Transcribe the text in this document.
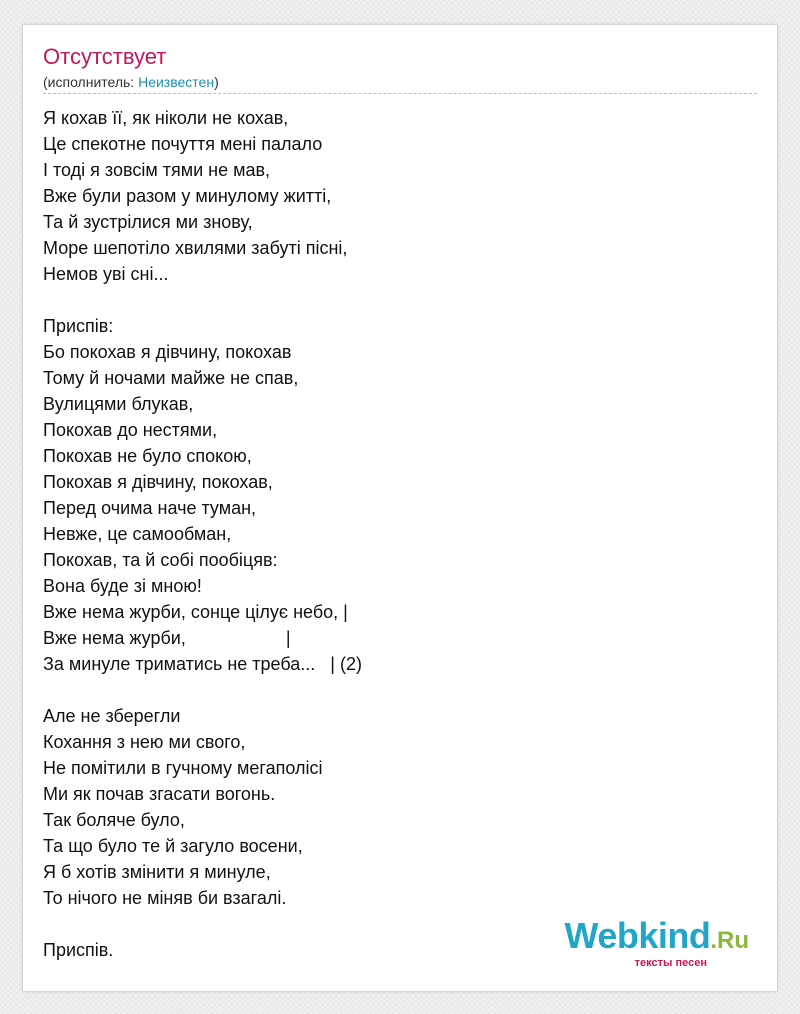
Отсутствует
(исполнитель: Неизвестен)
Я кохав її, як ніколи не кохав,
Це спекотне почуття мені палало
І тоді я зовсім тями не мав,
Вже були разом у минулому житті,
Та й зустрілися ми знову,
Море шепотіло хвилями забуті пісні,
Немов уві сні...
Приспів:
Бо покохав я дівчину, покохав
Тому й ночами майже не спав,
Вулицями блукав,
Покохав до нестями,
Покохав не було спокою,
Покохав я дівчину, покохав,
Перед очима наче туман,
Невже, це самообман,
Покохав, та й собі пообіцяв:
Вона буде зі мною!
Вже нема журби, сонце цілує небо, |
Вже нема журби,                    |
За минуле триматись не треба...   | (2)
Але не зберегли
Кохання з нею ми свого,
Не помітили в гучному мегаполісі
Ми як почав згасати вогонь.
Так боляче було,
Та що було те й загуло восени,
Я б хотів змінити я минуле,
То нічого не міняв би взагалі.
Приспів.	Webkind.Ru
тексты песен
